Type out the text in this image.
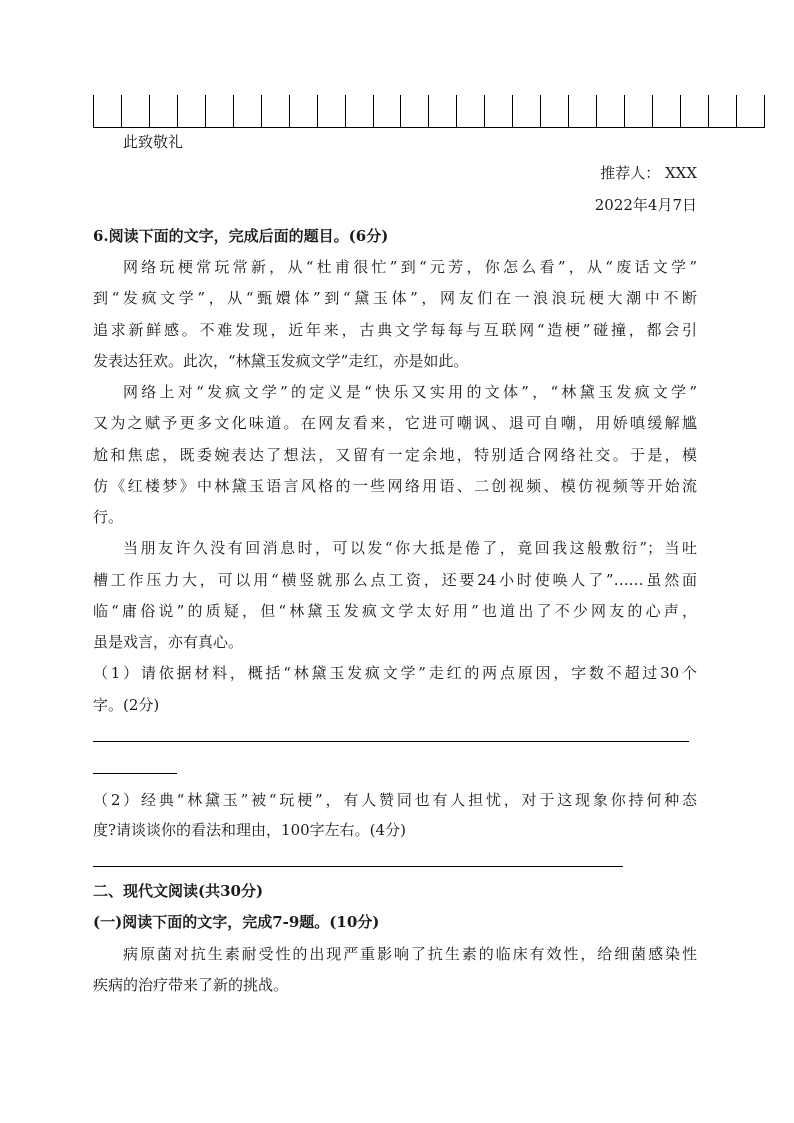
此致敬礼
推荐人： XXX
2022年4月7日
6.阅读下面的文字，完成后面的题目。(6分)
网络玩梗常玩常新，从“杜甫很忙”到“元芳，你怎么看”，从“废话文学”
到“发疯文学”，从“甄嬛体”到“黛玉体”，网友们在一浪浪玩梗大潮中不断
追求新鲜感。不难发现，近年来，古典文学每每与互联网“造梗”碰撞，都会引
发表达狂欢。此次，“林黛玉发疯文学”走红，亦是如此。
网络上对“发疯文学”的定义是“快乐又实用的文体”，“林黛玉发疯文学”
又为之赋予更多文化味道。在网友看来，它进可嘲讽、退可自嘲，用娇嗔缓解尴
尬和焦虑，既委婉表达了想法，又留有一定余地，特别适合网络社交。于是，模
仿《红楼梦》中林黛玉语言风格的一些网络用语、二创视频、模仿视频等开始流
行。
当朋友许久没有回消息时，可以发“你大抵是倦了，竟回我这般敷衍”；当吐
槽工作压力大，可以用“横竖就那么点工资，还要24小时使唤人了”……虽然面
临“庸俗说”的质疑，但“林黛玉发疯文学太好用”也道出了不少网友的心声，
虽是戏言，亦有真心。
（1）请依据材料，概括“林黛玉发疯文学”走红的两点原因，字数不超过30个
字。(2分)
（2）经典“林黛玉”被“玩梗”，有人赞同也有人担忧，对于这现象你持何种态
度?请谈谈你的看法和理由，100字左右。(4分)
二、现代文阅读(共30分)
(一)阅读下面的文字，完成7-9题。(10分)
病原菌对抗生素耐受性的出现严重影响了抗生素的临床有效性，给细菌感染性
疾病的治疗带来了新的挑战。
